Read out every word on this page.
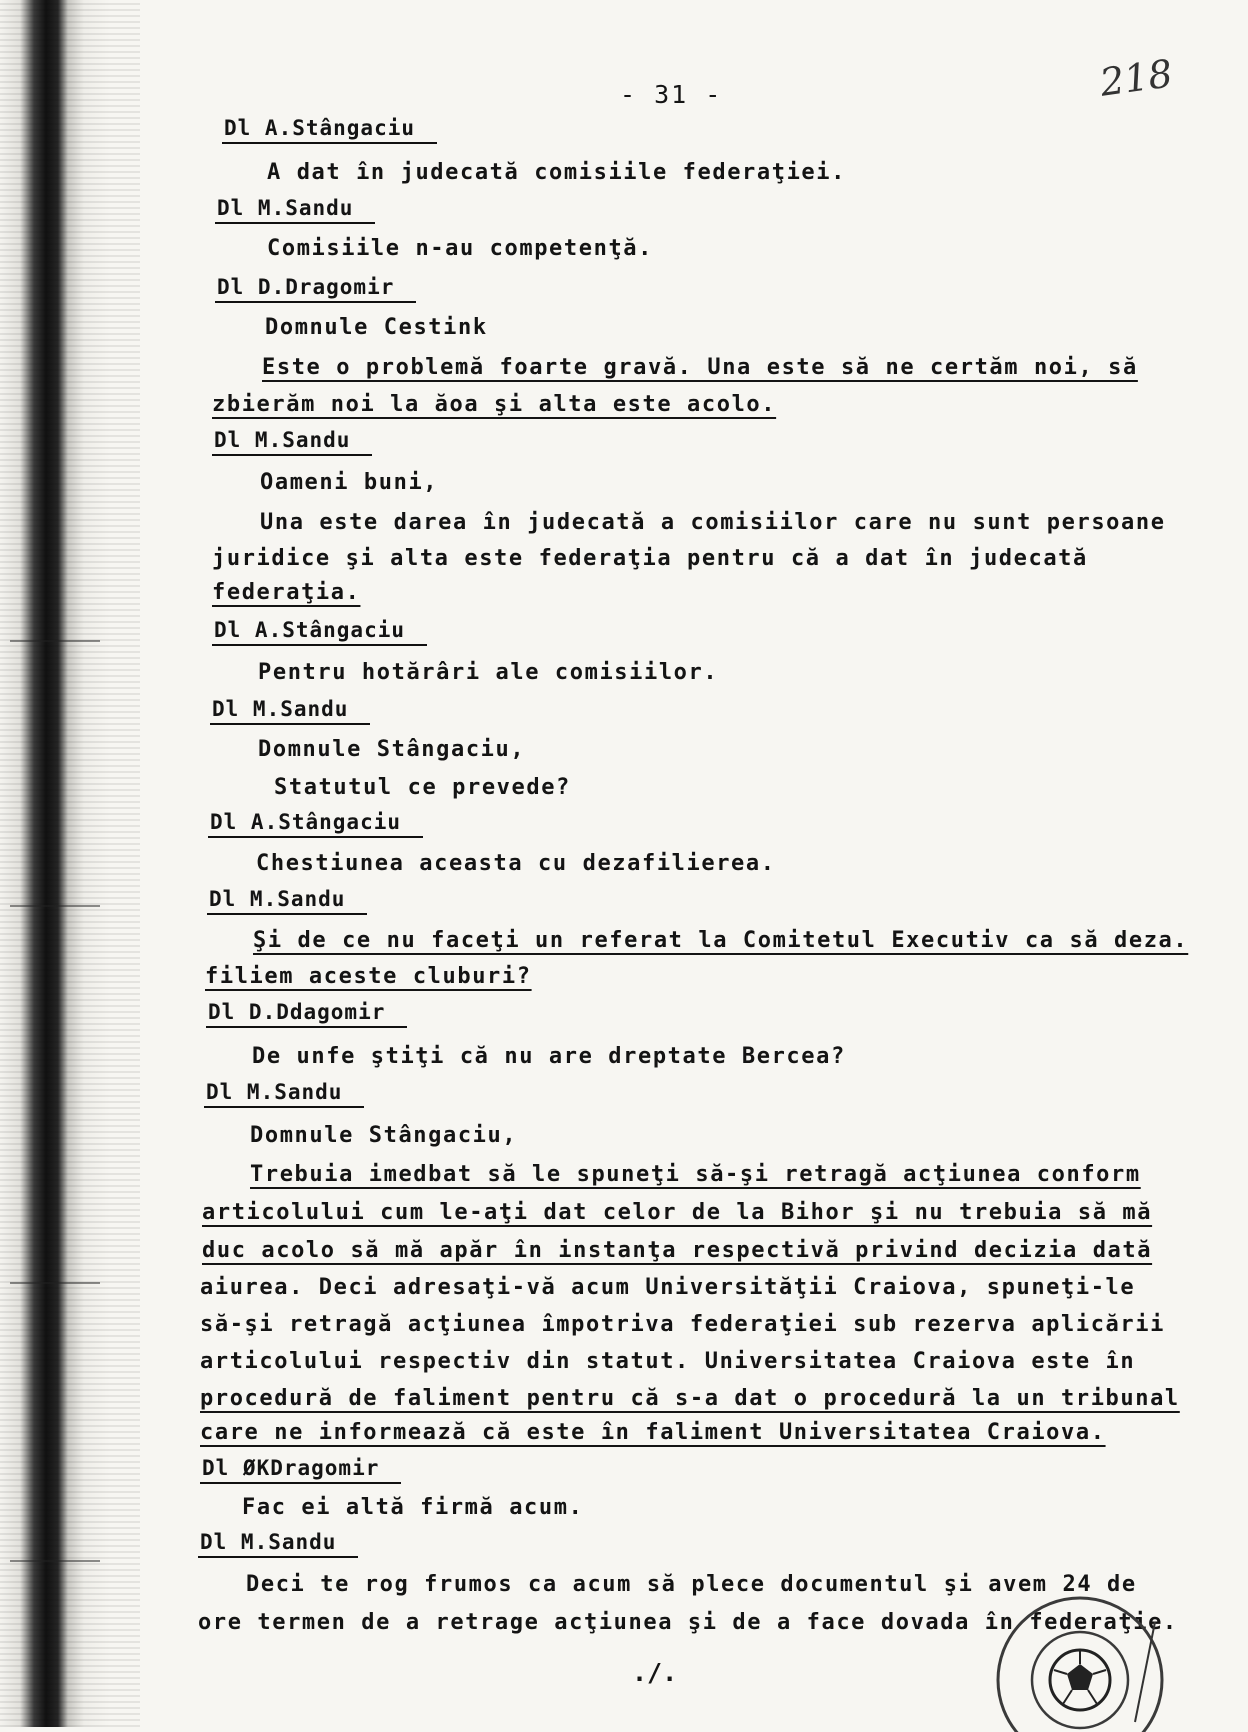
- 31 -	218
Dl A.Stângaciu
A dat în judecată comisiile federaţiei.
Dl M.Sandu
Comisiile n-au competenţă.
Dl D.Dragomir
Domnule Cestink
Este o problemă foarte gravă. Una este să ne certăm noi, să
zbierăm noi la ăoa şi alta este acolo.
Dl M.Sandu
Oameni buni,
Una este darea în judecată a comisiilor care nu sunt persoane
juridice şi alta este federaţia pentru că a dat în judecată
federaţia.
Dl A.Stângaciu
Pentru hotărâri ale comisiilor.
Dl M.Sandu
Domnule Stângaciu,
Statutul ce prevede?
Dl A.Stângaciu
Chestiunea aceasta cu dezafilierea.
Dl M.Sandu
Şi de ce nu faceţi un referat la Comitetul Executiv ca să deza.
filiem aceste cluburi?
Dl D.Ddagomir
De unfe ştiţi că nu are dreptate Bercea?
Dl M.Sandu
Domnule Stângaciu,
Trebuia imedbat să le spuneţi să-şi retragă acţiunea conform
articolului cum le-aţi dat celor de la Bihor şi nu trebuia să mă
duc acolo să mă apăr în instanţa respectivă privind decizia dată
aiurea. Deci adresaţi-vă acum Universităţii Craiova, spuneţi-le
să-şi retragă acţiunea împotriva federaţiei sub rezerva aplicării
articolului respectiv din statut. Universitatea Craiova este în
procedură de faliment pentru că s-a dat o procedură la un tribunal
care ne informează că este în faliment Universitatea Craiova.
Dl ØKDragomir
Fac ei altă firmă acum.
Dl M.Sandu
Deci te rog frumos ca acum să plece documentul şi avem 24 de
ore termen de a retrage acţiunea şi de a face dovada în federaţie.
./.
